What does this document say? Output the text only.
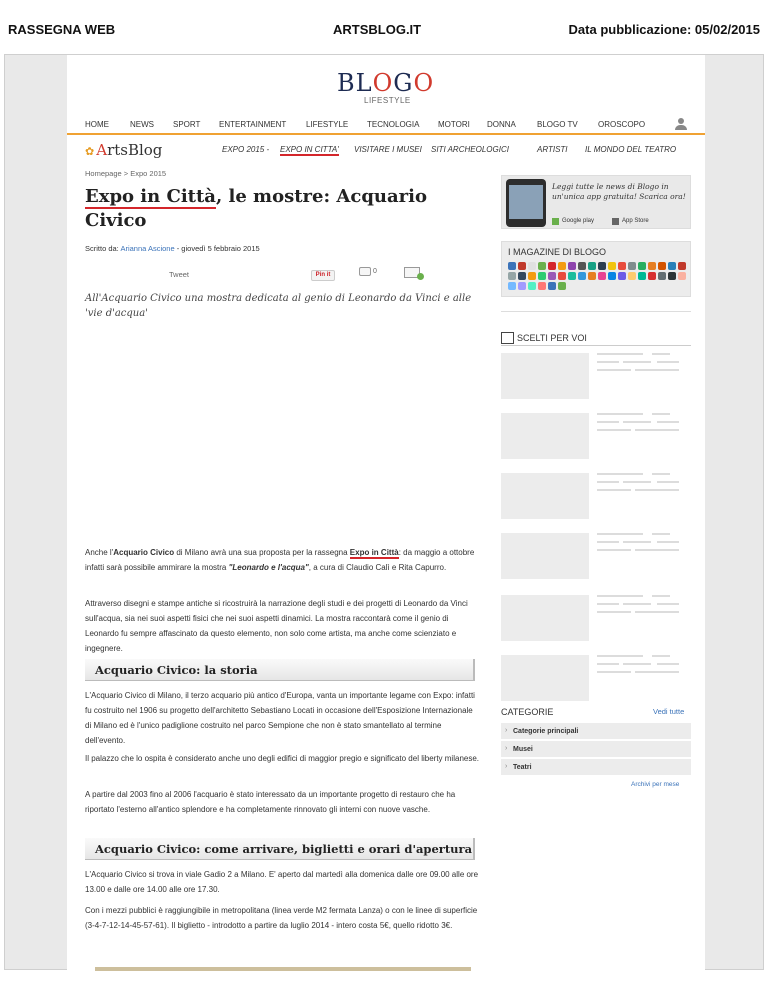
RASSEGNA WEB	ARTSBLOG.IT	Data pubblicazione: 05/02/2015
BLOGO
LIFESTYLE
HOME	NEWS SPORT ENTERTAINMENT LIFESTYLE TECNOLOGIA MOTORI DONNA	BLOGO TV	OROSCOPO
✿ ArtsBlog	EXPO 2015 - EXPO IN CITTA' VISITARE I MUSEI SITI ARCHEOLOGICI	ARTISTI IL MONDO DEL TEATRO
Homepage > Expo 2015
Expo in Città, le mostre: Acquario Civico
Scritto da: Arianna Ascione - giovedì 5 febbraio 2015
Tweet	Pin it	0

All'Acquario Civico una mostra dedicata al genio di Leonardo da Vinci e alle 'vie d'acqua'

Anche l'Acquario Civico di Milano avrà una sua proposta per la rassegna Expo in Città: da maggio a ottobre infatti sarà possibile ammirare la mostra "Leonardo e l'acqua", a cura di Claudio Calì e Rita Capurro.

Attraverso disegni e stampe antiche si ricostruirà la narrazione degli studi e dei progetti di Leonardo da Vinci sull'acqua, sia nei suoi aspetti fisici che nei suoi aspetti dinamici. La mostra raccontarà come il genio di Leonardo fu sempre affascinato da questo elemento, non solo come artista, ma anche come scienziato e ingegnere.

Acquario Civico: la storia

L'Acquario Civico di Milano, il terzo acquario più antico d'Europa, vanta un importante legame con Expo: infatti fu costruito nel 1906 su progetto dell'architetto Sebastiano Locati in occasione dell'Esposizione Internazionale di Milano ed è l'unico padiglione costruito nel parco Sempione che non è stato smantellato al termine dell'evento.

Il palazzo che lo ospita è considerato anche uno degli edifici di maggior pregio e significato del liberty milanese.

A partire dal 2003 fino al 2006 l'acquario è stato interessato da un importante progetto di restauro che ha riportato l'esterno all'antico splendore e ha completamente rinnovato gli interni con nuove vasche.

Acquario Civico: come arrivare, biglietti e orari d'apertura

L'Acquario Civico si trova in viale Gadio 2 a Milano. E' aperto dal martedì alla domenica dalle ore 09.00 alle ore 13.00 e dalle ore 14.00 alle ore 17.30.

Con i mezzi pubblici è raggiungibile in metropolitana (linea verde M2 fermata Lanza) o con le linee di superficie (3-4-7-12-14-45-57-61). Il biglietto - introdotto a partire da luglio 2014 - intero costa 5€, quello ridotto 3€.

Leggi tutte le news di Blogo in un'unica app gratuita! Scarica ora!
Google play	App Store
I MAGAZINE DI BLOGO
SCELTI PER VOI
CATEGORIE	Vedi tutte
› Categorie principali
› Musei
› Teatri
Archivi per mese
